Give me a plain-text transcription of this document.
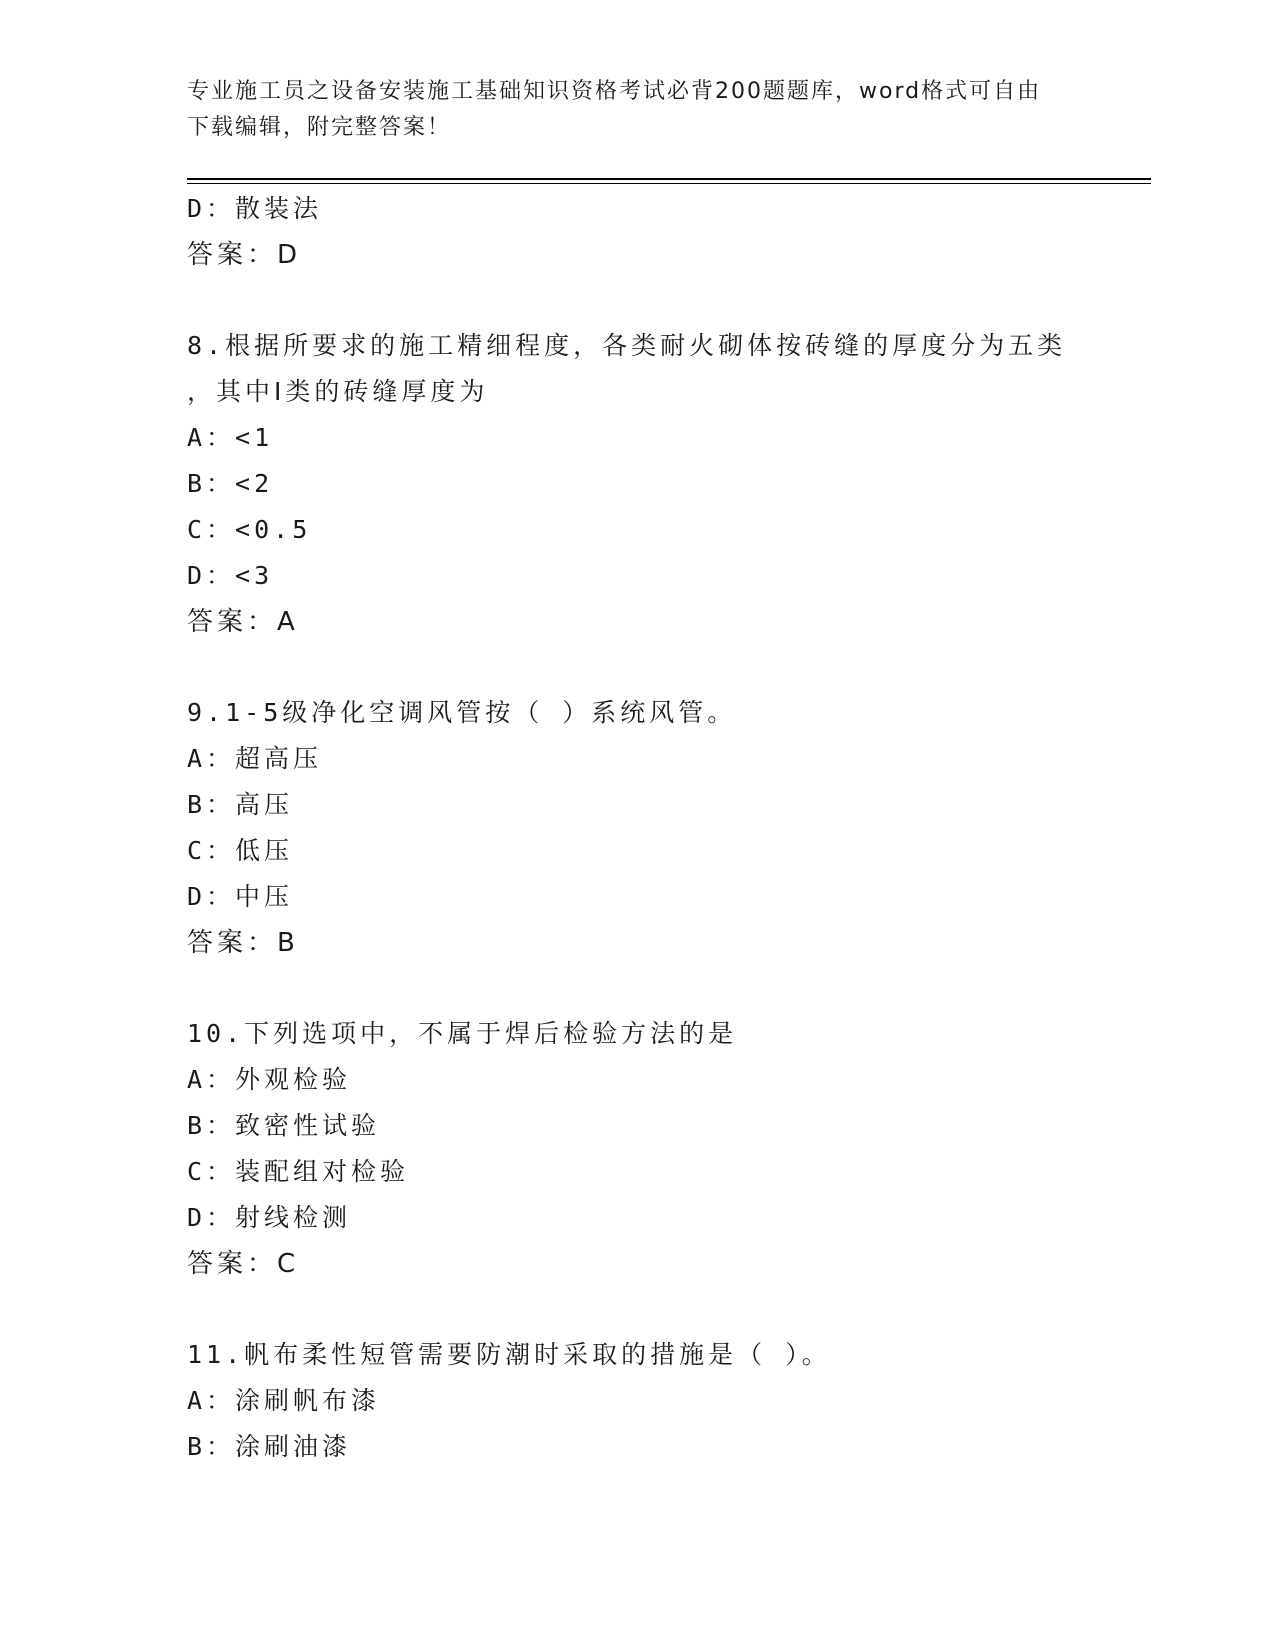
专业施工员之设备安装施工基础知识资格考试必背200题题库，word格式可自由
下载编辑，附完整答案！
D：散装法
答案：D
8.根据所要求的施工精细程度，各类耐火砌体按砖缝的厚度分为五类
，其中Ⅰ类的砖缝厚度为
A：<1
B：<2
C：<0.5
D：<3
答案：A
9.1-5级净化空调风管按（ ）系统风管。
A：超高压
B：高压
C：低压
D：中压
答案：B
10.下列选项中，不属于焊后检验方法的是
A：外观检验
B：致密性试验
C：装配组对检验
D：射线检测
答案：C
11.帆布柔性短管需要防潮时采取的措施是（ ）。
A：涂刷帆布漆
B：涂刷油漆
